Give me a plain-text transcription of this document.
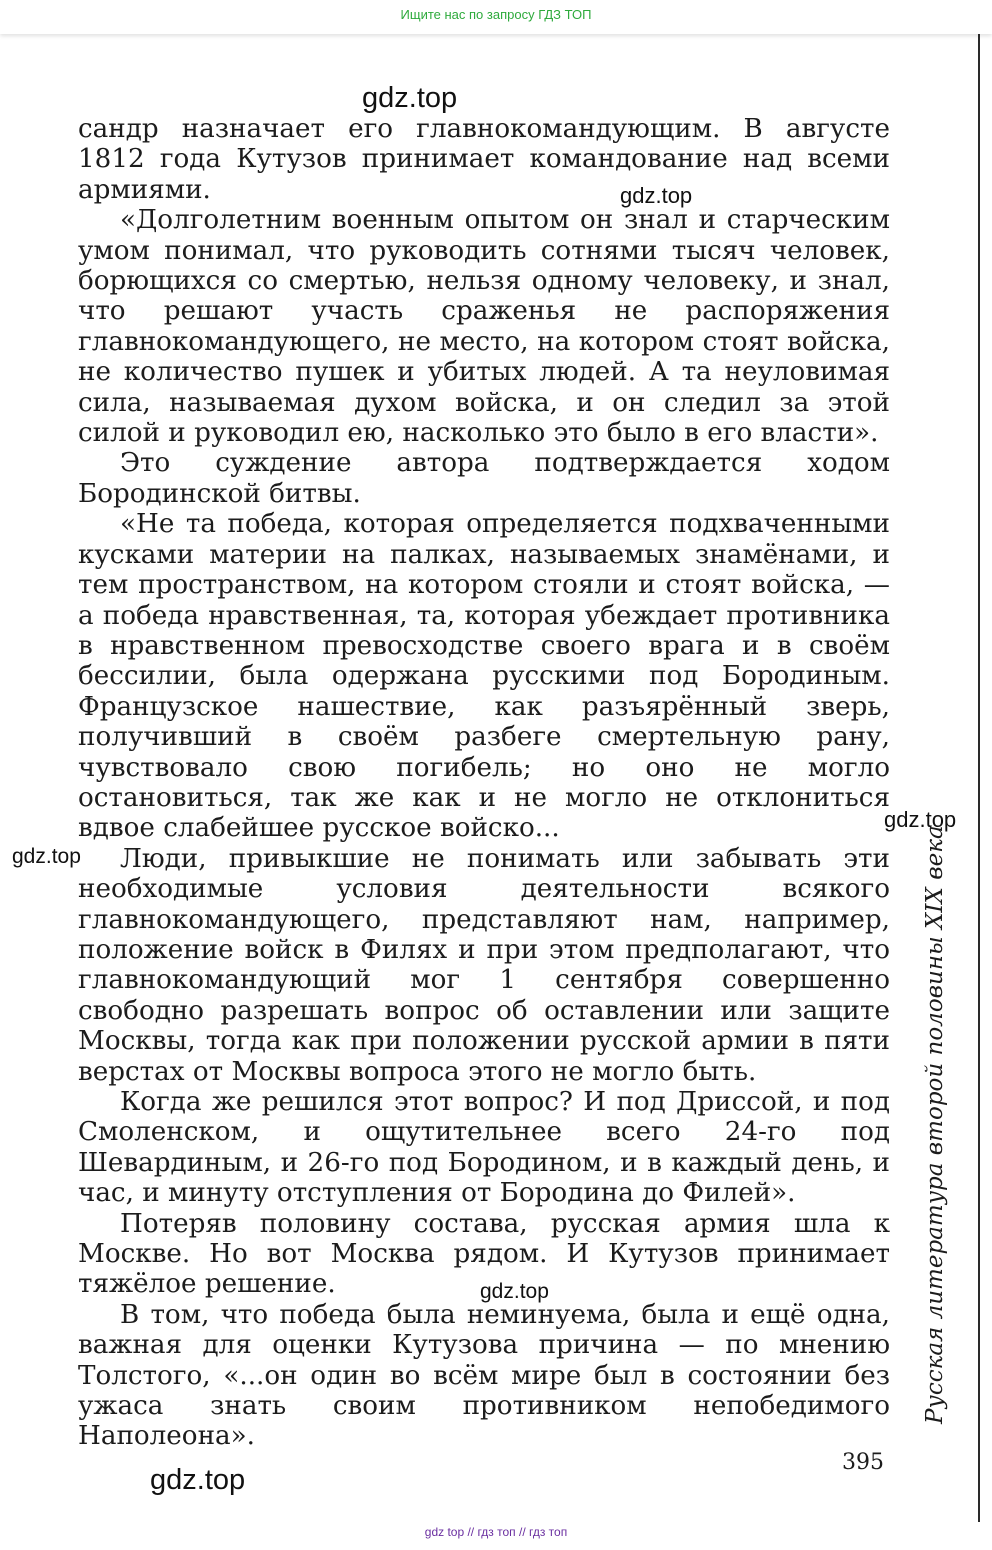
Ищите нас по запросу ГДЗ ТОП

сандр назначает его главнокомандующим. В августе 1812 года Кутузов принимает командование над всеми армиями.

«Долголетним военным опытом он знал и старческим умом понимал, что руководить сотнями тысяч человек, борющихся со смертью, нельзя одному человеку, и знал, что решают участь сраженья не распоряжения главнокомандующего, не место, на котором стоят войска, не количество пушек и убитых людей. А та неуловимая сила, называемая духом войска, и он следил за этой силой и руководил ею, насколько это было в его власти».

Это суждение автора подтверждается ходом Бородинской битвы.

«Не та победа, которая определяется подхваченными кусками материи на палках, называемых знамёнами, и тем пространством, на котором стояли и стоят войска, — а победа нравственная, та, которая убеждает противника в нравственном превосходстве своего врага и в своём бессилии, была одержана русскими под Бородиным. Французское нашествие, как разъярённый зверь, получивший в своём разбеге смертельную рану, чувствовало свою погибель; но оно не могло остановиться, так же как и не могло не отклониться вдвое слабейшее русское войско...

Люди, привыкшие не понимать или забывать эти необходимые условия деятельности всякого главнокомандующего, представляют нам, например, положение войск в Филях и при этом предполагают, что главнокомандующий мог 1 сентября совершенно свободно разрешать вопрос об оставлении или защите Москвы, тогда как при положении русской армии в пяти верстах от Москвы вопроса этого не могло быть.

Когда же решился этот вопрос? И под Дриссой, и под Смоленском, и ощутительнее всего 24-го под Шевардиным, и 26-го под Бородином, и в каждый день, и час, и минуту отступления от Бородина до Филей».

Потеряв половину состава, русская армия шла к Москве. Но вот Москва рядом. И Кутузов принимает тяжёлое решение.

В том, что победа была неминуема, была и ещё одна, важная для оценки Кутузова причина — по мнению Толстого, «...он один во всём мире был в состоянии без ужаса знать своим противником непобедимого Наполеона».

gdz.top
gdz.top
gdz.top
gdz.top
gdz.top
gdz.top
Русская литература второй половины XIX века
395
gdz top // гдз топ // гдз топ
